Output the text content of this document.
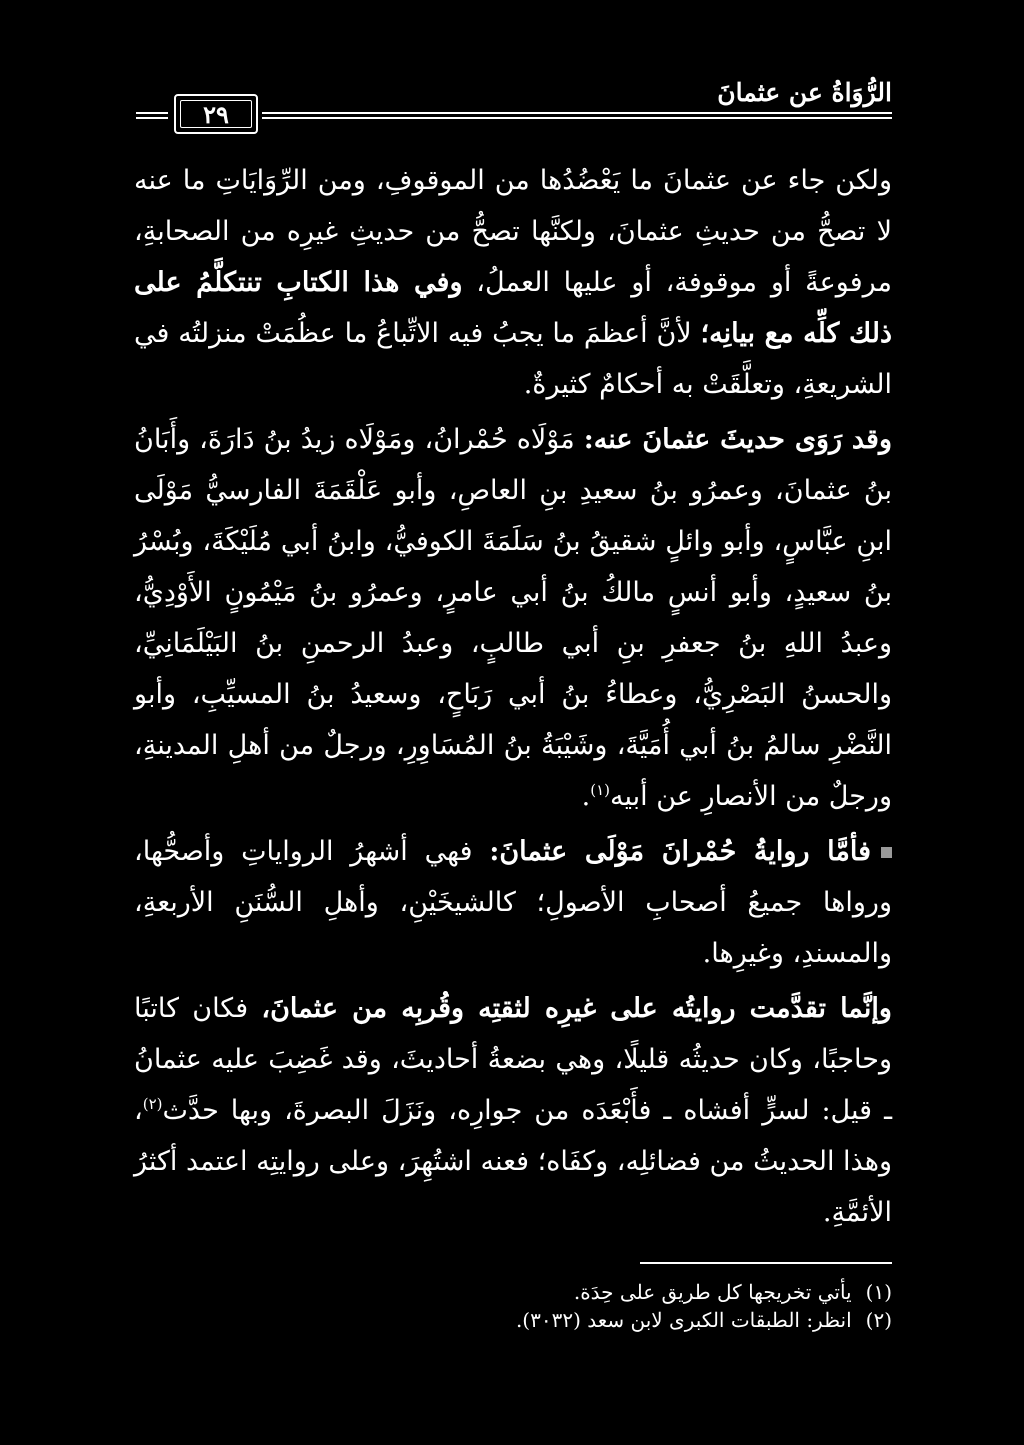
٢٩
الرُّوَاةُ عن عثمانَ

ولكن جاء عن عثمانَ ما يَعْضُدُها من الموقوفِ، ومن الرِّوَايَاتِ ما عنه لا تصحُّ من حديثِ عثمانَ، ولكنَّها تصحُّ من حديثِ غيرِه من الصحابةِ، مرفوعةً أو موقوفة، أو عليها العملُ، وفي هذا الكتابِ تنتكلَّمُ على ذلك كلِّه مع بيانِه؛ لأنَّ أعظمَ ما يجبُ فيه الاتِّباعُ ما عظُمَتْ منزلتُه في الشريعةِ، وتعلَّقَتْ به أحكامٌ كثيرةٌ.

وقد رَوَى حديثَ عثمانَ عنه: مَوْلَاه حُمْرانُ، ومَوْلَاه زيدُ بنُ دَارَةَ، وأَبَانُ بنُ عثمانَ، وعمرُو بنُ سعيدِ بنِ العاصِ، وأبو عَلْقَمَةَ الفارسيُّ مَوْلَى ابنِ عبَّاسٍ، وأبو وائلٍ شقيقُ بنُ سَلَمَةَ الكوفيُّ، وابنُ أبي مُلَيْكَةَ، وبُسْرُ بنُ سعيدٍ، وأبو أنسٍ مالكُ بنُ أبي عامرٍ، وعمرُو بنُ مَيْمُونٍ الأَوْدِيُّ، وعبدُ اللهِ بنُ جعفرِ بنِ أبي طالبٍ، وعبدُ الرحمنِ بنُ البَيْلَمَانِيِّ، والحسنُ البَصْرِيُّ، وعطاءُ بنُ أبي رَبَاحٍ، وسعيدُ بنُ المسيِّبِ، وأبو النَّضْرِ سالمُ بنُ أبي أُمَيَّةَ، وشَيْبَةُ بنُ المُسَاوِرِ، ورجلٌ من أهلِ المدينةِ، ورجلٌ من الأنصارِ عن أبيه$^{(١)}$.

فأمَّا روايةُ حُمْرانَ مَوْلَى عثمانَ: فهي أشهرُ الرواياتِ وأصحُّها، ورواها جميعُ أصحابِ الأصولِ؛ كالشيخَيْنِ، وأهلِ السُّنَنِ الأربعةِ، والمسندِ، وغيرِها.

وإنَّما تقدَّمت روايتُه على غيرِه لثقتِه وقُربِه من عثمانَ، فكان كاتبًا وحاجبًا، وكان حديثُه قليلًا، وهي بضعةُ أحاديثَ، وقد غَضِبَ عليه عثمانُ ـ قيل: لسرٍّ أفشاه ـ فأَبْعَدَه من جوارِه، ونَزَلَ البصرةَ، وبها حدَّث$^{(٢)}$، وهذا الحديثُ من فضائلِه، وكفَاه؛ فعنه اشتُهِرَ، وعلى روايتِه اعتمد أكثرُ الأئمَّةِ.

(١)يأتي تخريجها كل طريق على حِدَة.

(٢)انظر: الطبقات الكبرى لابن سعد (٣٠٣٢).
